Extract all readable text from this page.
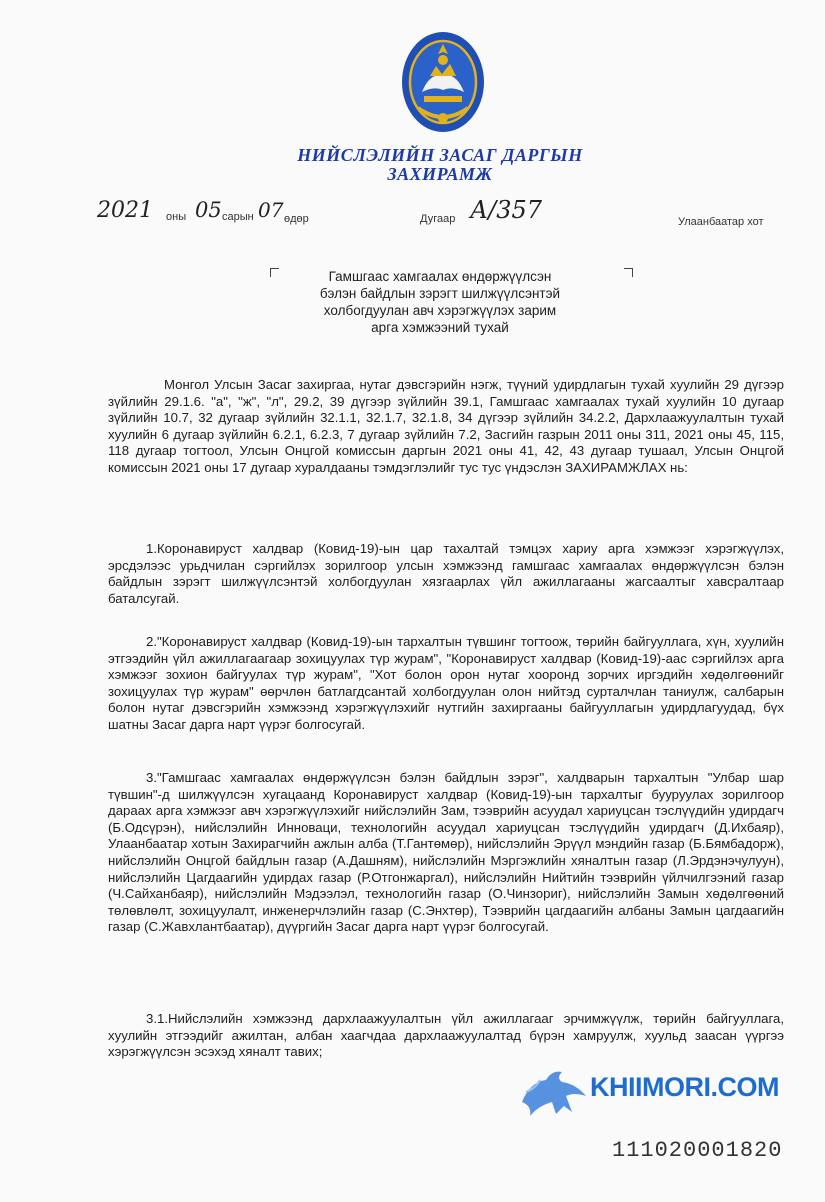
НИЙСЛЭЛИЙН ЗАСАГ ДАРГЫН
ЗАХИРАМЖ
2021 оны 05 сарын 07 өдөр	Дугаар А/357	Улаанбаатар хот
Гамшгаас хамгаалах өндөржүүлсэн
бэлэн байдлын зэрэгт шилжүүлсэнтэй
холбогдуулан авч хэрэгжүүлэх зарим
арга хэмжээний тухай
Монгол Улсын Засаг захиргаа, нутаг дэвсгэрийн нэгж, түүний удирдлагын тухай хуулийн 29 дүгээр зүйлийн 29.1.6. "а", "ж", "л", 29.2, 39 дүгээр зүйлийн 39.1, Гамшгаас хамгаалах тухай хуулийн 10 дугаар зүйлийн 10.7, 32 дугаар зүйлийн 32.1.1, 32.1.7, 32.1.8, 34 дүгээр зүйлийн 34.2.2, Дархлаажуулалтын тухай хуулийн 6 дугаар зүйлийн 6.2.1, 6.2.3, 7 дугаар зүйлийн 7.2, Засгийн газрын 2011 оны 311, 2021 оны 45, 115, 118 дугаар тогтоол, Улсын Онцгой комиссын даргын 2021 оны 41, 42, 43 дугаар тушаал, Улсын Онцгой комиссын 2021 оны 17 дугаар хуралдааны тэмдэглэлийг тус тус үндэслэн ЗАХИРАМЖЛАХ нь:
1.Коронавируст халдвар (Ковид-19)-ын цар тахалтай тэмцэх хариу арга хэмжээг хэрэгжүүлэх, эрсдэлээс урьдчилан сэргийлэх зорилгоор улсын хэмжээнд гамшгаас хамгаалах өндөржүүлсэн бэлэн байдлын зэрэгт шилжүүлсэнтэй холбогдуулан хязгаарлах үйл ажиллагааны жагсаалтыг хавсралтаар баталсугай.
2."Коронавируст халдвар (Ковид-19)-ын тархалтын түвшинг тогтоож, төрийн байгууллага, хүн, хуулийн этгээдийн үйл ажиллагаагаар зохицуулах түр журам", "Коронавируст халдвар (Ковид-19)-аас сэргийлэх арга хэмжээг зохион байгуулах түр журам", "Хот болон орон нутаг хооронд зорчих иргэдийн хөдөлгөөнийг зохицуулах түр журам" өөрчлөн батлагдсантай холбогдуулан олон нийтэд сурталчлан таниулж, салбарын болон нутаг дэвсгэрийн хэмжээнд хэрэгжүүлэхийг нутгийн захиргааны байгууллагын удирдлагуудад, бүх шатны Засаг дарга нарт үүрэг болгосугай.
3."Гамшгаас хамгаалах өндөржүүлсэн бэлэн байдлын зэрэг", халдварын тархалтын "Улбар шар түвшин"-д шилжүүлсэн хугацаанд Коронавируст халдвар (Ковид-19)-ын тархалтыг бууруулах зорилгоор дараах арга хэмжээг авч хэрэгжүүлэхийг нийслэлийн Зам, тээврийн асуудал хариуцсан тэслүүдийн удирдагч (Б.Одсүрэн), нийслэлийн Инноваци, технологийн асуудал хариуцсан тэслүүдийн удирдагч (Д.Ихбаяр), Улаанбаатар хотын Захирагчийн ажлын алба (Т.Гантөмөр), нийслэлийн Эрүүл мэндийн газар (Б.Бямбадорж), нийслэлийн Онцгой байдлын газар (А.Дашням), нийслэлийн Мэргэжлийн хяналтын газар (Л.Эрдэнэчулуун), нийслэлийн Цагдаагийн удирдах газар (Р.Отгонжаргал), нийслэлийн Нийтийн тээврийн үйлчилгээний газар (Ч.Сайханбаяр), нийслэлийн Мэдээлэл, технологийн газар (О.Чинзориг), нийслэлийн Замын хөдөлгөөний төлөвлөлт, зохицуулалт, инженерчлэлийн газар (С.Энхтөр), Тээврийн цагдаагийн албаны Замын цагдаагийн газар (С.Жавхлантбаатар), дүүргийн Засаг дарга нарт үүрэг болгосугай.
3.1.Нийслэлийн хэмжээнд дархлаажуулалтын үйл ажиллагааг эрчимжүүлж, төрийн байгууллага, хуулийн этгээдийг ажилтан, албан хаагчдаа дархлаажуулалтад бүрэн хамруулж, хуульд заасан үүргээ хэрэгжүүлсэн эсэхэд хяналт тавих;
KHIIMORI.COM
111020001820
